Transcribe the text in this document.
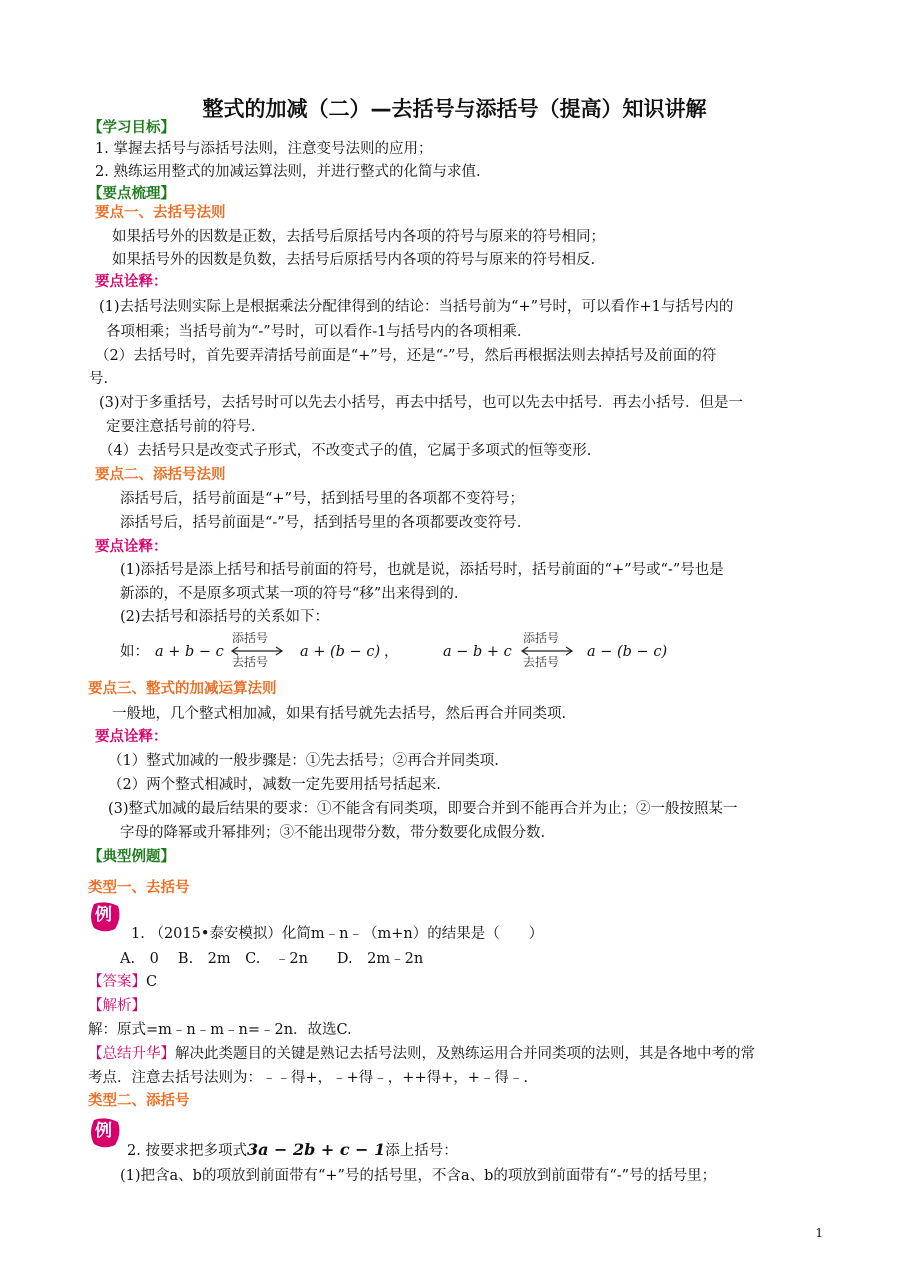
整式的加减（二）—去括号与添括号（提高）知识讲解
【学习目标】
1. 掌握去括号与添括号法则，注意变号法则的应用；
2. 熟练运用整式的加减运算法则，并进行整式的化简与求值.
【要点梳理】
要点一、去括号法则
如果括号外的因数是正数，去括号后原括号内各项的符号与原来的符号相同；
如果括号外的因数是负数，去括号后原括号内各项的符号与原来的符号相反.
要点诠释：
(1)去括号法则实际上是根据乘法分配律得到的结论：当括号前为“+”号时，可以看作+1与括号内的
各项相乘；当括号前为“-”号时，可以看作-1与括号内的各项相乘.
（2）去括号时，首先要弄清括号前面是“+”号，还是“-”号，然后再根据法则去掉括号及前面的符
号.
(3)对于多重括号，去括号时可以先去小括号，再去中括号，也可以先去中括号．再去小括号．但是一
定要注意括号前的符号.
（4）去括号只是改变式子形式，不改变式子的值，它属于多项式的恒等变形.
要点二、添括号法则
添括号后，括号前面是“+”号，括到括号里的各项都不变符号；
添括号后，括号前面是“-”号，括到括号里的各项都要改变符号.
要点诠释：
(1)添括号是添上括号和括号前面的符号，也就是说，添括号时，括号前面的“+”号或“-”号也是
新添的，不是原多项式某一项的符号“移”出来得到的.
(2)去括号和添括号的关系如下：
如： a + b − c
添括号
去括号
a + (b − c) ，	a − b + c
添括号
去括号
a − (b − c)
要点三、整式的加减运算法则
一般地，几个整式相加减，如果有括号就先去括号，然后再合并同类项.
要点诠释：
（1）整式加减的一般步骤是：①先去括号；②再合并同类项.
（2）两个整式相减时，减数一定先要用括号括起来.
(3)整式加减的最后结果的要求：①不能含有同类项，即要合并到不能再合并为止；②一般按照某一
字母的降幂或升幂排列；③不能出现带分数，带分数要化成假分数.
【典型例题】
类型一、去括号
例
1. （2015•泰安模拟）化简m﹣n﹣（m+n）的结果是（　　）
A.　0　 B.　2m　C.　﹣2n　　D.　2m﹣2n
【答案】C
【解析】
解：原式=m﹣n﹣m﹣n=﹣2n．故选C.
【总结升华】解决此类题目的关键是熟记去括号法则，及熟练运用合并同类项的法则，其是各地中考的常
考点．注意去括号法则为：﹣﹣得+，﹣+得﹣，++得+，+﹣得﹣.
类型二、添括号
例
2. 按要求把多项式3a − 2b + c − 1添上括号：
(1)把含a、b的项放到前面带有“+”号的括号里，不含a、b的项放到前面带有“-”号的括号里；
1
